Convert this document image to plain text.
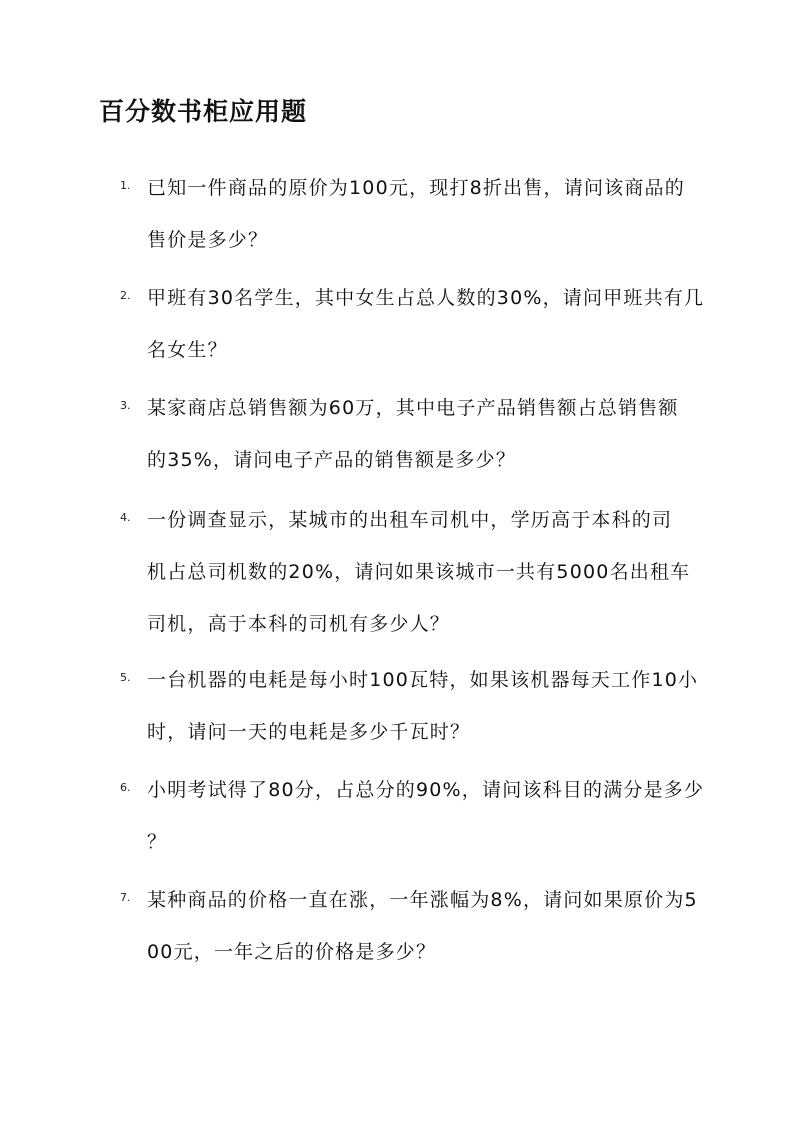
百分数书柜应用题
1. 已知一件商品的原价为100元，现打8折出售，请问该商品的
售价是多少？
2. 甲班有30名学生，其中女生占总人数的30%，请问甲班共有几
名女生？
3. 某家商店总销售额为60万，其中电子产品销售额占总销售额
的35%，请问电子产品的销售额是多少？
4. 一份调查显示，某城市的出租车司机中，学历高于本科的司
机占总司机数的20%，请问如果该城市一共有5000名出租车
司机，高于本科的司机有多少人？
5. 一台机器的电耗是每小时100瓦特，如果该机器每天工作10小
时，请问一天的电耗是多少千瓦时？
6. 小明考试得了80分，占总分的90%，请问该科目的满分是多少
？
7. 某种商品的价格一直在涨，一年涨幅为8%，请问如果原价为5
00元，一年之后的价格是多少？
